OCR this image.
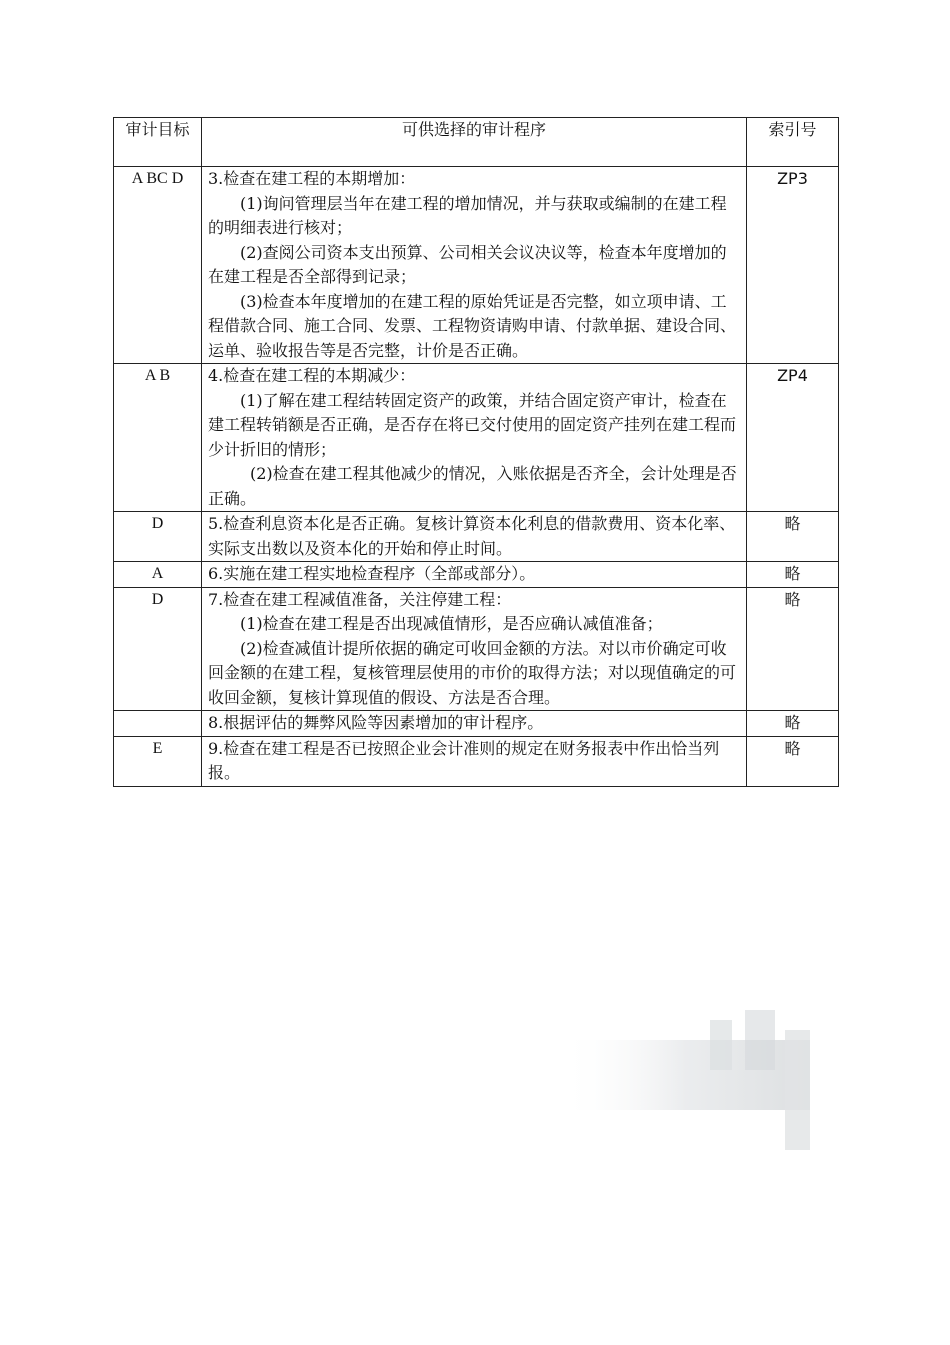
审计目标	可供选择的审计程序	索引号
A BC D	3.检查在建工程的本期增加：
(1)询问管理层当年在建工程的增加情况，并与获取或编制的在建工程的明细表进行核对；
(2)查阅公司资本支出预算、公司相关会议决议等，检查本年度增加的在建工程是否全部得到记录；
(3)检查本年度增加的在建工程的原始凭证是否完整，如立项申请、工程借款合同、施工合同、发票、工程物资请购申请、付款单据、建设合同、运单、验收报告等是否完整，计价是否正确。	ZP3
A B	4.检查在建工程的本期减少：
(1)了解在建工程结转固定资产的政策，并结合固定资产审计，检查在建工程转销额是否正确，是否存在将已交付使用的固定资产挂列在建工程而少计折旧的情形；
(2)检查在建工程其他减少的情况，入账依据是否齐全，会计处理是否正确。	ZP4
D	5.检查利息资本化是否正确。复核计算资本化利息的借款费用、资本化率、实际支出数以及资本化的开始和停止时间。	略
A	6.实施在建工程实地检查程序（全部或部分）。	略
D	7.检查在建工程减值准备，关注停建工程：
(1)检查在建工程是否出现减值情形，是否应确认减值准备；
(2)检查减值计提所依据的确定可收回金额的方法。对以市价确定可收回金额的在建工程，复核管理层使用的市价的取得方法；对以现值确定的可收回金额，复核计算现值的假设、方法是否合理。	略

	8.根据评估的舞弊风险等因素增加的审计程序。	略
E	9.检查在建工程是否已按照企业会计准则的规定在财务报表中作出恰当列报。	略
